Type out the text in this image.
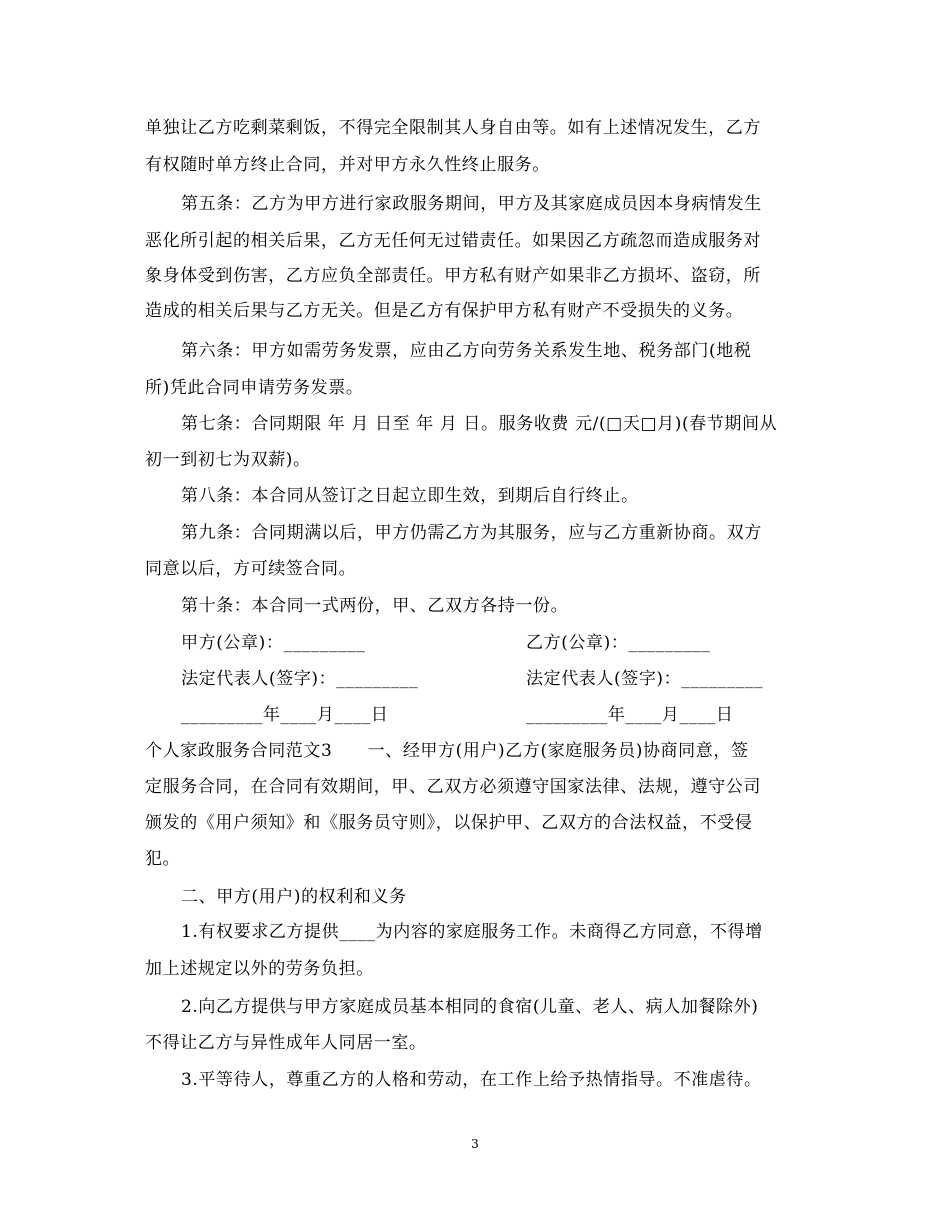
单独让乙方吃剩菜剩饭，不得完全限制其人身自由等。如有上述情况发生，乙方
有权随时单方终止合同，并对甲方永久性终止服务。
第五条：乙方为甲方进行家政服务期间，甲方及其家庭成员因本身病情发生
恶化所引起的相关后果，乙方无任何无过错责任。如果因乙方疏忽而造成服务对
象身体受到伤害，乙方应负全部责任。甲方私有财产如果非乙方损坏、盗窃，所
造成的相关后果与乙方无关。但是乙方有保护甲方私有财产不受损失的义务。
第六条：甲方如需劳务发票，应由乙方向劳务关系发生地、税务部门(地税
所)凭此合同申请劳务发票。
第七条：合同期限 年 月 日至 年 月 日。服务收费 元/(□天□月)(春节期间从
初一到初七为双薪)。
第八条：本合同从签订之日起立即生效，到期后自行终止。
第九条：合同期满以后，甲方仍需乙方为其服务，应与乙方重新协商。双方
同意以后，方可续签合同。
第十条：本合同一式两份，甲、乙双方各持一份。
甲方(公章)：_________	乙方(公章)：_________
法定代表人(签字)：_________	法定代表人(签字)：_________
_________年____月____日	_________年____月____日
个人家政服务合同范文3　　一、经甲方(用户)乙方(家庭服务员)协商同意，签
定服务合同，在合同有效期间，甲、乙双方必须遵守国家法律、法规，遵守公司
颁发的《用户须知》和《服务员守则》，以保护甲、乙双方的合法权益，不受侵
犯。
二、甲方(用户)的权利和义务
1.有权要求乙方提供____为内容的家庭服务工作。未商得乙方同意，不得增
加上述规定以外的劳务负担。
2.向乙方提供与甲方家庭成员基本相同的食宿(儿童、老人、病人加餐除外)
不得让乙方与异性成年人同居一室。
3.平等待人，尊重乙方的人格和劳动，在工作上给予热情指导。不准虐待。
3
